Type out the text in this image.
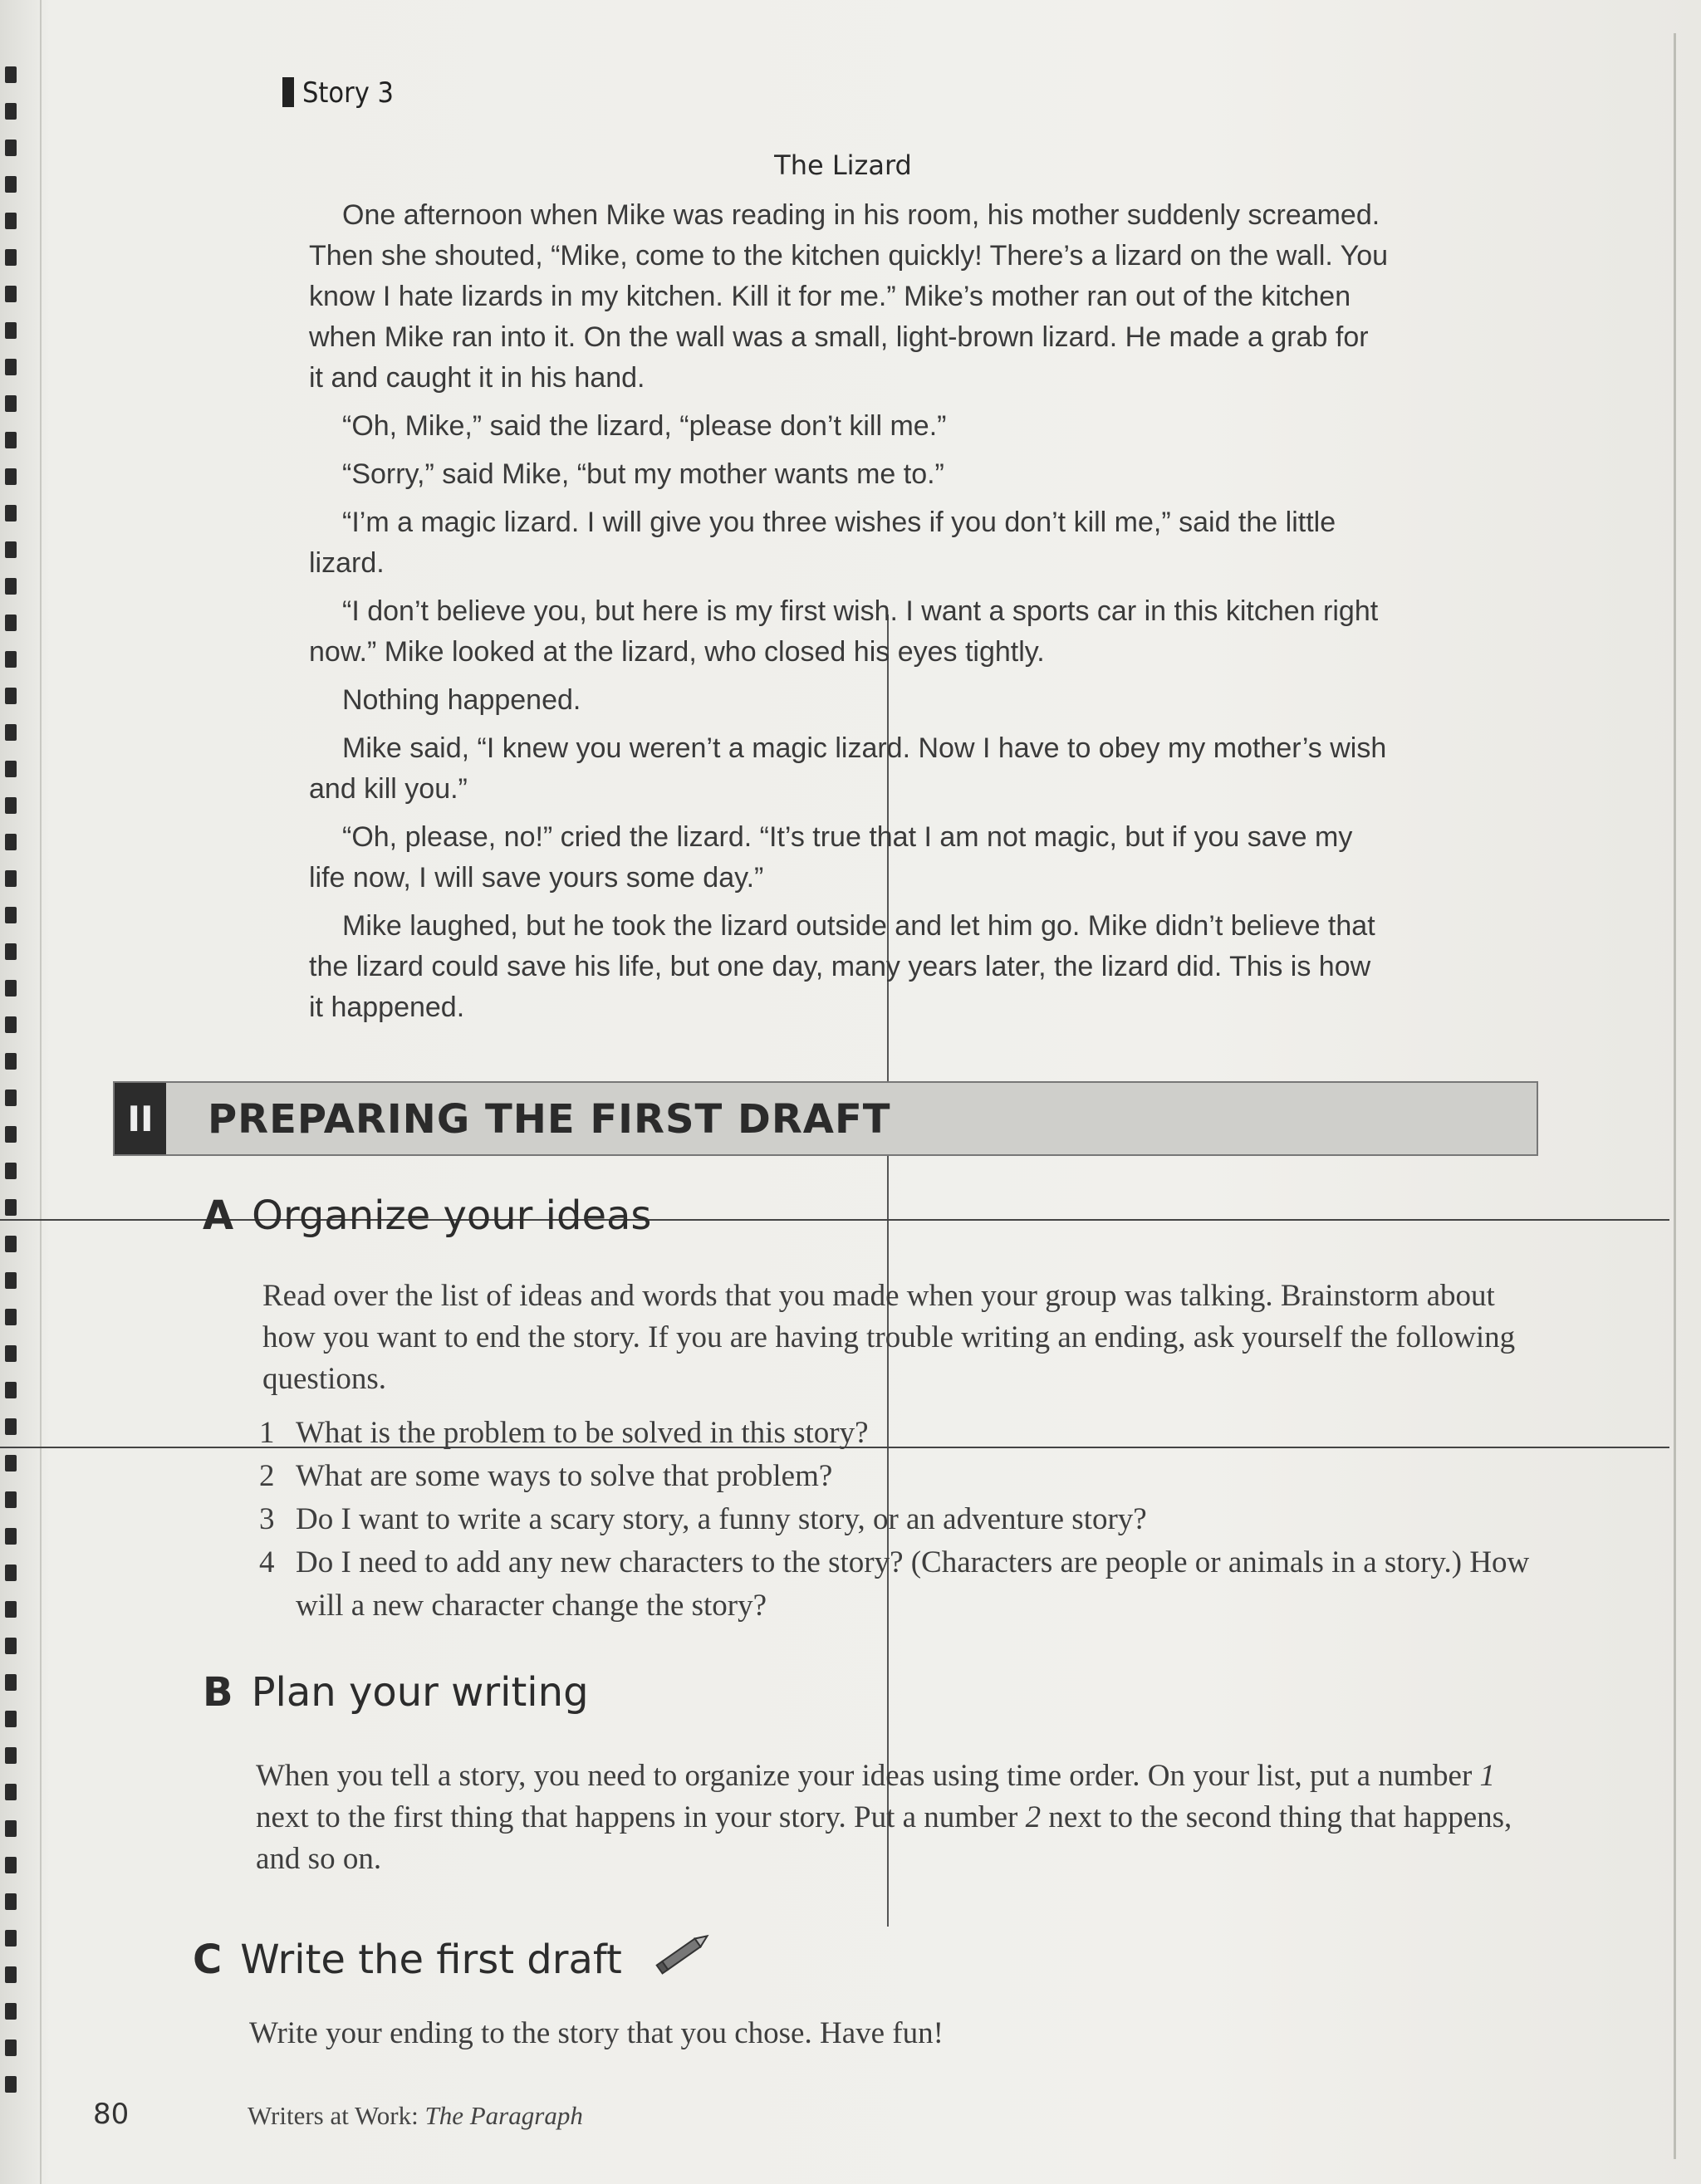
Story 3
The Lizard

One afternoon when Mike was reading in his room, his mother suddenly screamed. Then she shouted, “Mike, come to the kitchen quickly! There’s a lizard on the wall. You know I hate lizards in my kitchen. Kill it for me.” Mike’s mother ran out of the kitchen when Mike ran into it. On the wall was a small, light-brown lizard. He made a grab for it and caught it in his hand.

“Oh, Mike,” said the lizard, “please don’t kill me.”

“Sorry,” said Mike, “but my mother wants me to.”

“I’m a magic lizard. I will give you three wishes if you don’t kill me,” said the little lizard.

“I don’t believe you, but here is my first wish. I want a sports car in this kitchen right now.” Mike looked at the lizard, who closed his eyes tightly.

Nothing happened.

Mike said, “I knew you weren’t a magic lizard. Now I have to obey my mother’s wish and kill you.”

“Oh, please, no!” cried the lizard. “It’s true that I am not magic, but if you save my life now, I will save yours some day.”

Mike laughed, but he took the lizard outside and let him go. Mike didn’t believe that the lizard could save his life, but one day, many years later, the lizard did. This is how it happened.

II	PREPARING THE FIRST DRAFT
A Organize your ideas

Read over the list of ideas and words that you made when your group was talking. Brainstorm about how you want to end the story. If you are having trouble writing an ending, ask yourself the following questions.

1 What is the problem to be solved in this story?
2 What are some ways to solve that problem?
3 Do I want to write a scary story, a funny story, or an adventure story?
4 Do I need to add any new characters to the story? (Characters are people or animals in a story.) How will a new character change the story?
B Plan your writing

When you tell a story, you need to organize your ideas using time order. On your list, put a number 1 next to the first thing that happens in your story. Put a number 2 next to the second thing that happens, and so on.

C Write the first draft

Write your ending to the story that you chose. Have fun!

80	Writers at Work: The Paragraph
